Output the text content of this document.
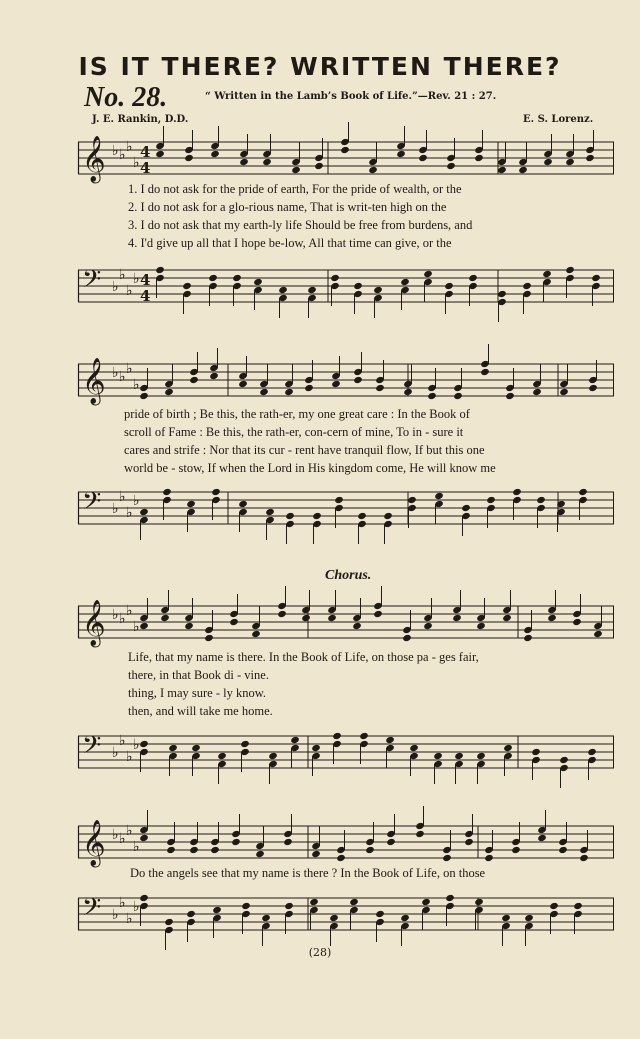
IS IT THERE? WRITTEN THERE?
No. 28.	“ Written in the Lamb’s Book of Life.”—Rev. 21 : 27.
J. E. Rankin, D.D.	E. S. Lorenz.
𝄞 ♭ ♭ ♭
♭
4
4
1. I do not ask for the pride of earth, For the pride of wealth, or the
2. I do not ask for a glo-rious name, That is writ-ten high on the
3. I do not ask that my earth-ly life Should be free from burdens, and
4. I'd give up all that I hope be-low, All that time can give, or the
𝄢 ♭
♭
♭
♭ 4
4
𝄞 ♭ ♭ ♭
♭
pride of birth ; Be this, the rath-er, my one great care : In the Book of
scroll of Fame : Be this, the rath-er, con-cern of mine, To in - sure it
cares and strife : Nor that its cur - rent have tranquil flow, If but this one
world be - stow, If when the Lord in His kingdom come, He will know me
𝄢 ♭
♭
♭
♭
Chorus.
𝄞 ♭ ♭ ♭
♭
Life, that my name is there. In the Book of Life, on those pa - ges fair,
there, in that Book di - vine.
thing, I may sure - ly know.
then, and will take me home.
𝄢 ♭
♭
♭
♭
𝄞 ♭ ♭ ♭
♭
Do the angels see that my name is there ? In the Book of Life, on those
𝄢 ♭
♭
♭
♭
(28)
